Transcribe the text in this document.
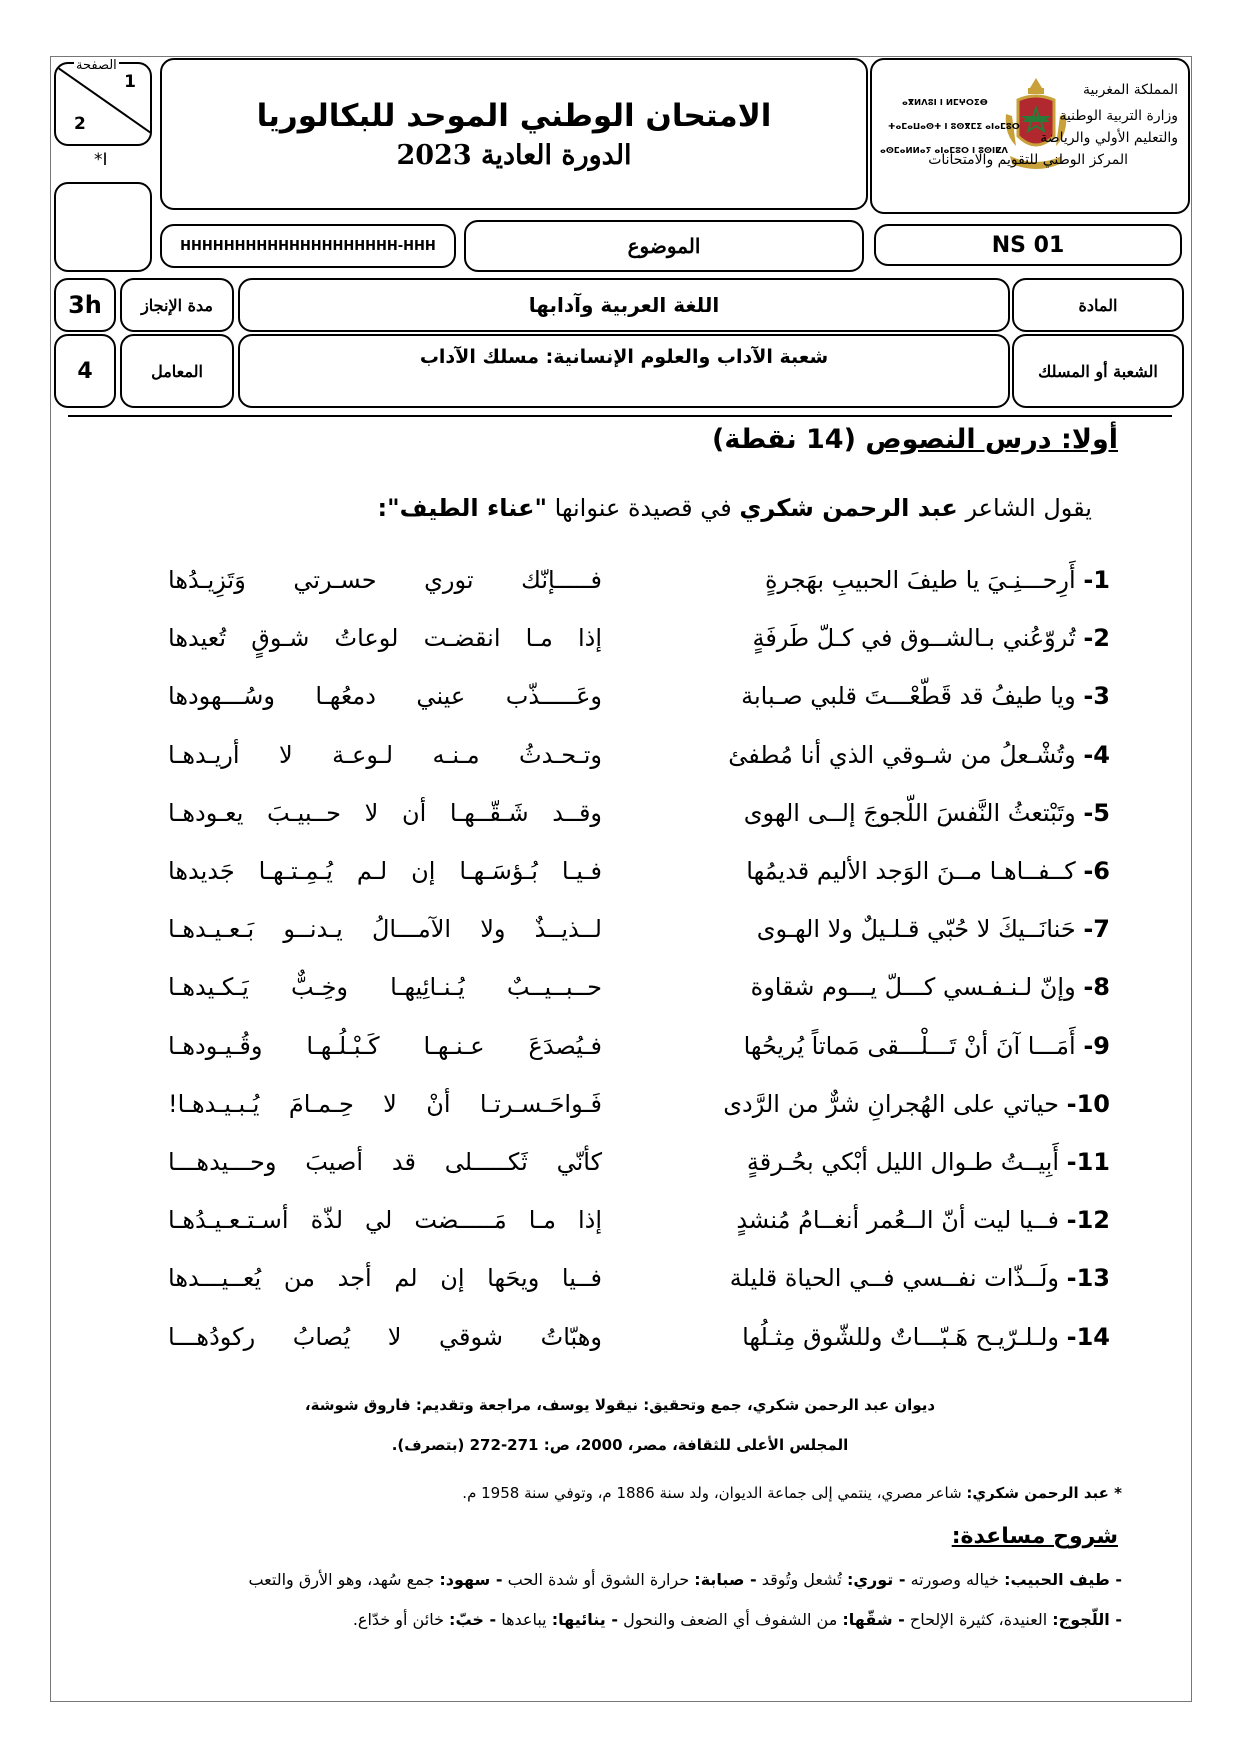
1
2
الصفحة
*I
الامتحان الوطني الموحد للبكالوريا
الدورة العادية 2023
المملكة المغربية
وزارة التربية الوطنية
والتعليم الأولي والرياضة
المركز الوطني للتقويم والامتحانات
ⴰⴳⵍⴷⵓⵏ ⵏ ⵍⵎⵖⵔⵉⴱ
ⵜⴰⵎⴰⵡⴰⵙⵜ ⵏ ⵓⵙⴳⵎⵉ ⴰⵏⴰⵎⵓⵔ
ⴰⵙⵎⴰⵍⵍⴰⵢ ⴰⵏⴰⵎⵓⵔ ⵏ ⵓⵙⵏⵇⴷ
HHHHHHHHHHHHHHHHHHHH-HHH	الموضوع	NS 01
3h	مدة الإنجاز	اللغة العربية وآدابها	المادة
4	المعامل
شعبة الآداب والعلوم الإنسانية: مسلك الآداب
الشعبة أو المسلك
أولا: درس النصوص (14 نقطة)
يقول الشاعر عبد الرحمن شكري في قصيدة عنوانها "عناء الطيف":
1- أَرِحـــنِـيَ يا طيفَ الحبيبِ بهَجرةٍ
فـــــإنّك توري حسـرتي وَتَزِيـدُها
2- تُروّعُني بـالشــوق في كـلّ طَرفَةٍ
إذا مـا انقضـت لوعاتُ شـوقٍ تُعيدها
3- ويا طيفُ قد قَطّعْـــتَ قلبي صـبابة
وعَـــــذّب عيني دمعُهـا وسُـــهودها
4- وتُشْـعلُ من شـوقي الذي أنا مُطفئ
وتـحـدثُ مـنـه لـوعـة لا أريـدهـا
5- وتَبْتعثُ النَّفسَ اللّجوجَ إلــى الهوى
وقــد شَـقّــهـا أن لا حــبيـبَ يعـودهـا
6- كــفــاهـا مــنَ الوَجد الأليم قديمُها
فـيـا بُـؤسَـهـا إن لـم يُـمِـتـهـا جَديدها
7- حَنانَــيكَ لا حُبّي قـلـيلٌ ولا الهـوى
لــذيــذٌ ولا الآمـــالُ يـدنــو بَـعـيـدهـا
8- وإنّ لـنـفـسي كـــلّ يـــوم شقاوة
حــبــيــبٌ يُـنـائِيهـا وخِـبٌّ يَـكـيدهـا
9- أَمَـــا آنَ أنْ تَـــلْـــقى مَماتاً يُريحُها
فـيُصدَعَ عـنـهـا كَـبْـلُـهـا وقُـيـودهـا
10- حياتي على الهُجرانِ شرٌّ من الرَّدى
فَـواحَـسـرتـا أنْ لا حِـمـامَ يُـبـيـدهـا!
11- أَبِيــتُ طـوال الليل أبْكي بحُـرقةٍ
كأنّي ثَكـــــلى قد أصيبَ وحـــيدهـــا
12- فــيا ليت أنّ الــعُمر أنغــامُ مُنشدٍ
إذا مـا مَـــــضت لي لذّة أسـتـعـيـدُهـا
13- ولَــذّات نفــسي فــي الحياة قليلة
فــيا ويحَها إن لم أجد من يُعــيـــدها
14- ولـلـرّيـح هَـبّـــاتٌ وللشّوق مِثـلُها
وهبّاتُ شوقي لا يُصابُ ركودُهـــا
ديوان عبد الرحمن شكري، جمع وتحقيق: نيقولا يوسف، مراجعة وتقديم: فاروق شوشة،
المجلس الأعلى للثقافة، مصر، 2000، ص: 271-272 (بتصرف).
* عبد الرحمن شكري: شاعر مصري، ينتمي إلى جماعة الديوان، ولد سنة 1886 م، وتوفي سنة 1958 م.
شروح مساعدة:
- طيف الحبيب: خياله وصورته - توري: تُشعل وتُوقد - صبابة: حرارة الشوق أو شدة الحب - سهود: جمع سُهد، وهو الأرق والتعب
- اللّجوج: العنيدة، كثيرة الإلحاح - شقّها: من الشفوف أي الضعف والنحول - ينائيها: يباعدها - خبّ: خائن أو خدّاع.
